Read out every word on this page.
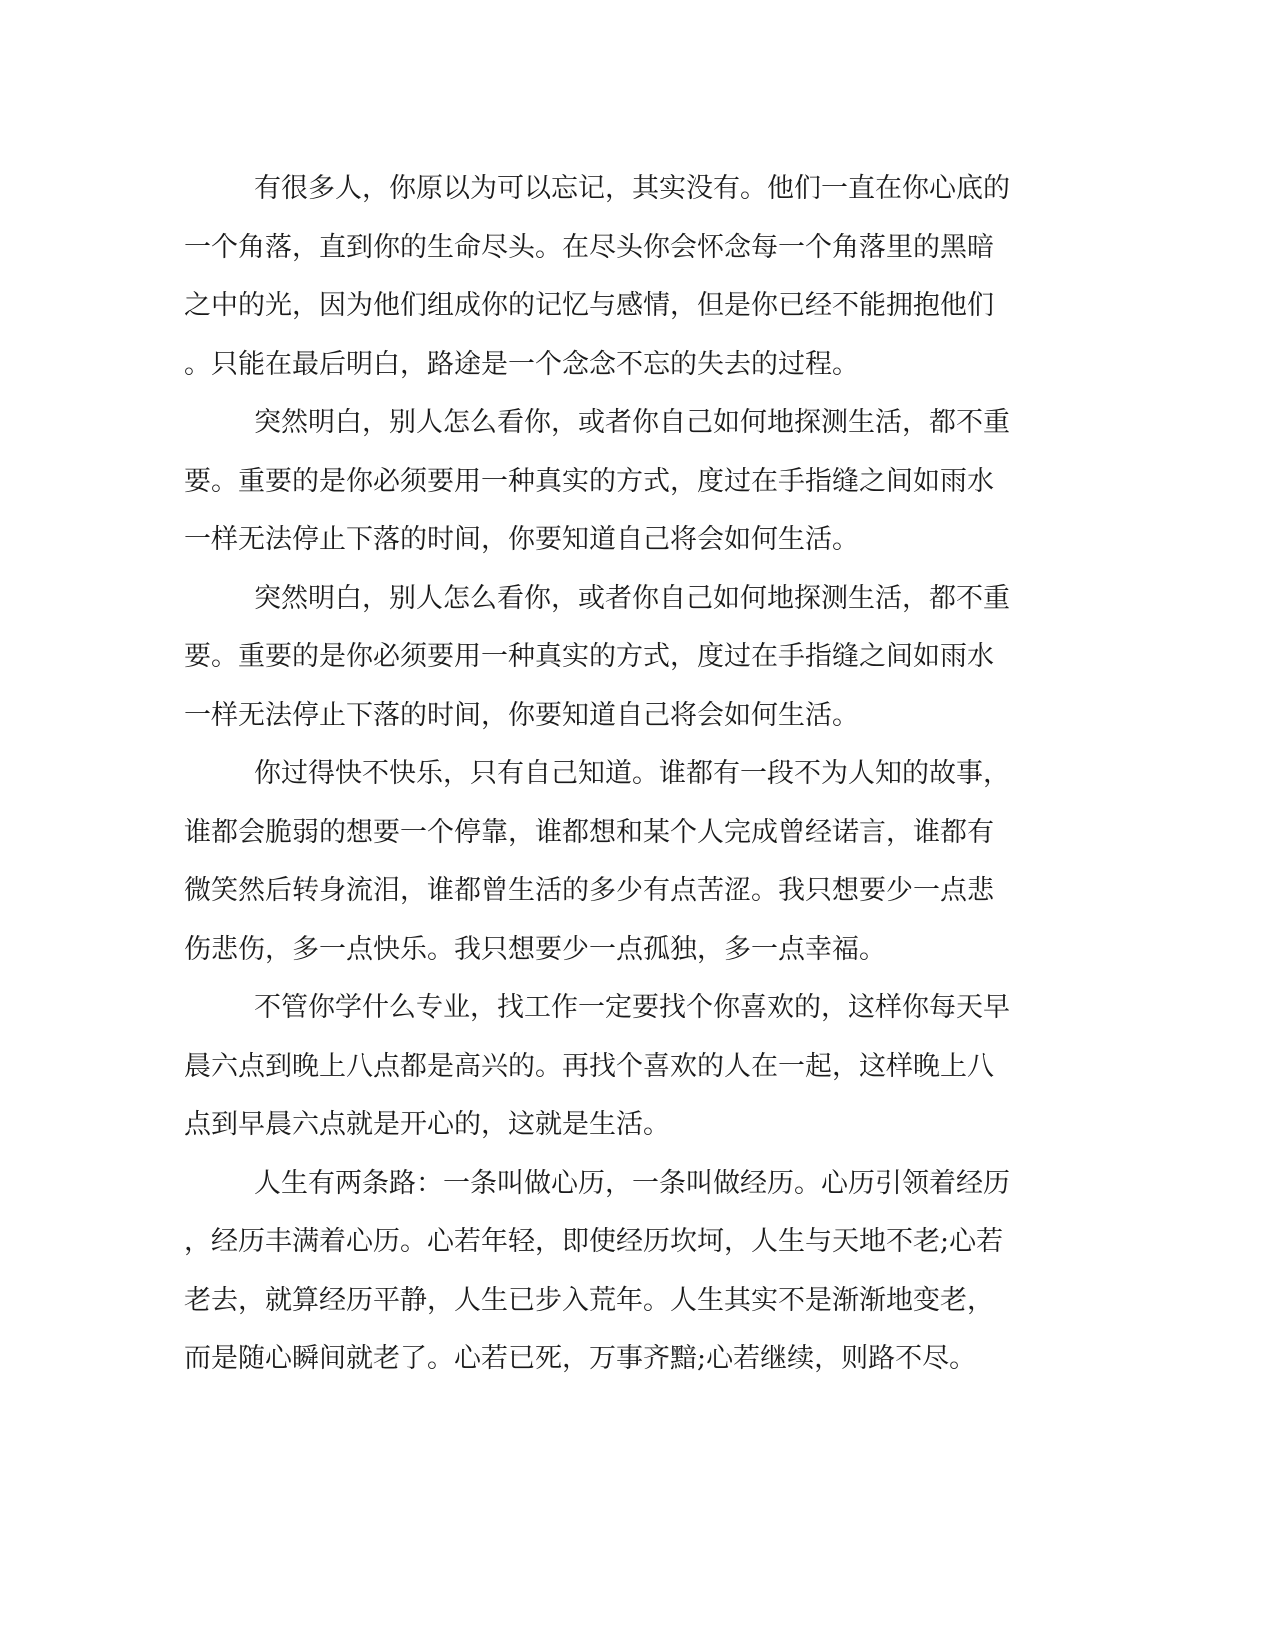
有很多人，你原以为可以忘记，其实没有。他们一直在你心底的
一个角落，直到你的生命尽头。在尽头你会怀念每一个角落里的黑暗
之中的光，因为他们组成你的记忆与感情，但是你已经不能拥抱他们
。只能在最后明白，路途是一个念念不忘的失去的过程。
突然明白，别人怎么看你，或者你自己如何地探测生活，都不重
要。重要的是你必须要用一种真实的方式，度过在手指缝之间如雨水
一样无法停止下落的时间，你要知道自己将会如何生活。
突然明白，别人怎么看你，或者你自己如何地探测生活，都不重
要。重要的是你必须要用一种真实的方式，度过在手指缝之间如雨水
一样无法停止下落的时间，你要知道自己将会如何生活。
你过得快不快乐，只有自己知道。谁都有一段不为人知的故事，
谁都会脆弱的想要一个停靠，谁都想和某个人完成曾经诺言，谁都有
微笑然后转身流泪，谁都曾生活的多少有点苦涩。我只想要少一点悲
伤悲伤，多一点快乐。我只想要少一点孤独，多一点幸福。
不管你学什么专业，找工作一定要找个你喜欢的，这样你每天早
晨六点到晚上八点都是高兴的。再找个喜欢的人在一起，这样晚上八
点到早晨六点就是开心的，这就是生活。
人生有两条路：一条叫做心历，一条叫做经历。心历引领着经历
，经历丰满着心历。心若年轻，即使经历坎坷，人生与天地不老;心若
老去，就算经历平静，人生已步入荒年。人生其实不是渐渐地变老，
而是随心瞬间就老了。心若已死，万事齐黯;心若继续，则路不尽。
